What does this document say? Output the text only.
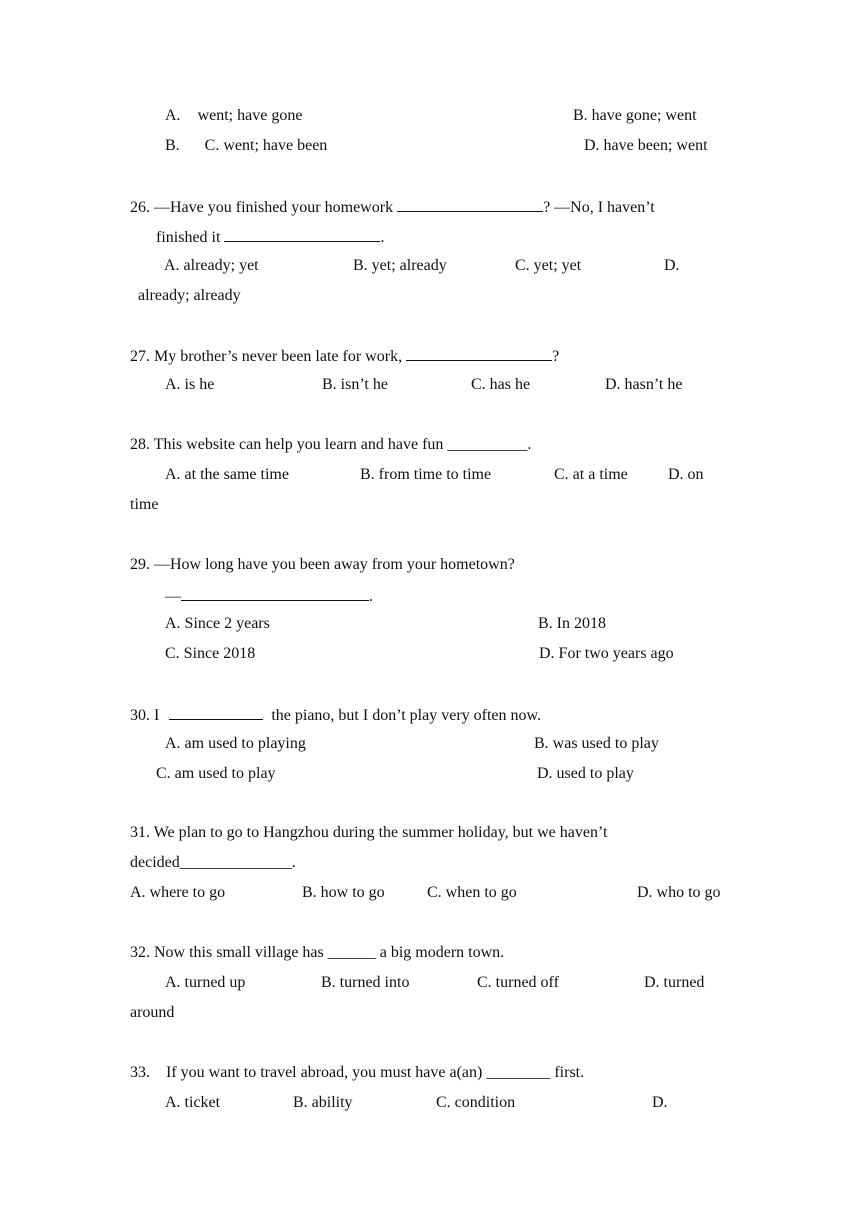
A. went; have gone	B. have gone; went
B. C. went; have been	D. have been; went
26. —Have you finished your homework	? —No, I haven’t
finished it	.
A. already; yet	B. yet; already	C. yet; yet	D.
already; already
27. My brother’s never been late for work,	?
A. is he	B. isn’t he	C. has he	D. hasn’t he
28. This website can help you learn and have fun __________.
A. at the same time	B. from time to time	C. at a time	D. on
time
29. —How long have you been away from your hometown?
—	.
A. Since 2 years	B. In 2018
C. Since 2018	D. For two years ago
30. I	the piano, but I don’t play very often now.
A. am used to playing	B. was used to play
C. am used to play	D. used to play
31. We plan to go to Hangzhou during the summer holiday, but we haven’t
decided______________.
A. where to go	B. how to go	C. when to go	D. who to go
32. Now this small village has ______ a big modern town.
A. turned up	B. turned into	C. turned off	D. turned
around
33.    If you want to travel abroad, you must have a(an) ________ first.
A. ticket	B. ability	C. condition	D.
